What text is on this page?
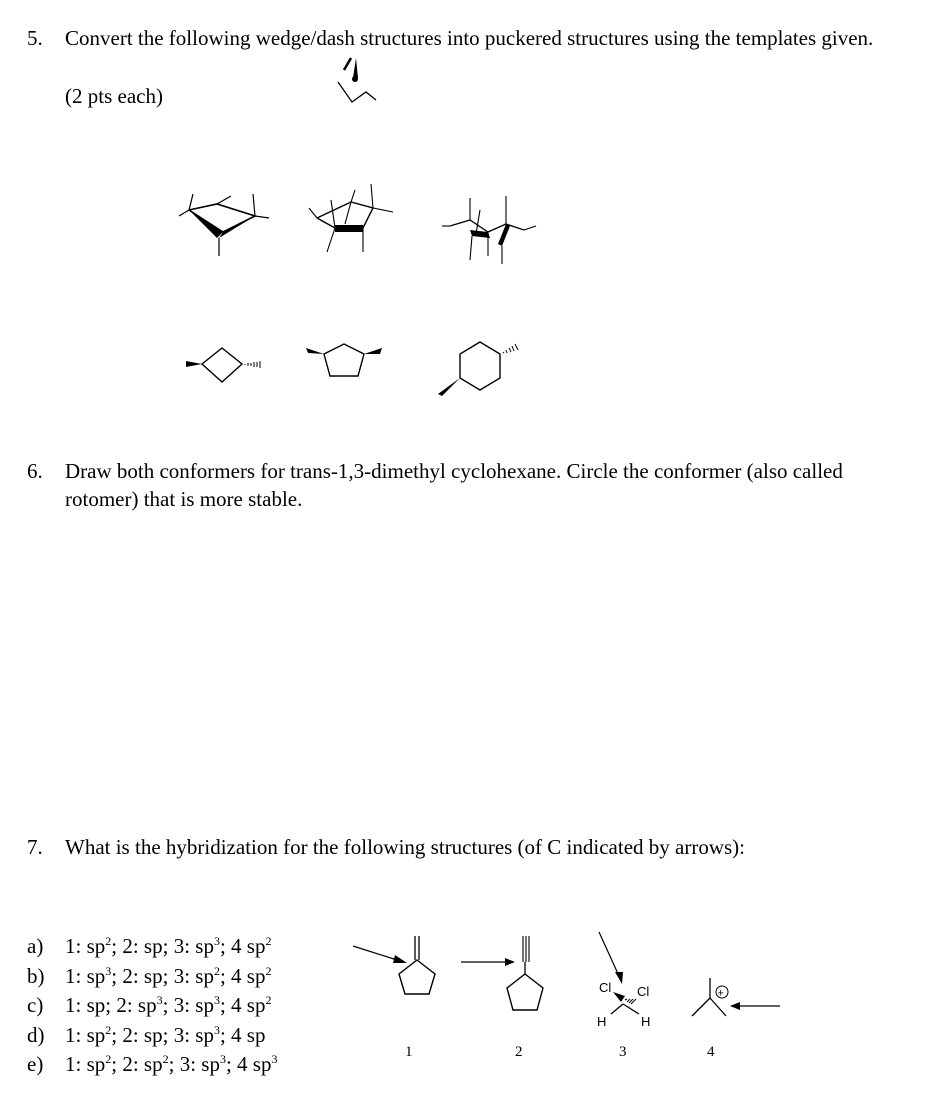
5. Convert the following wedge/dash structures into puckered structures using the templates given.
(2 pts each)
6. Draw both conformers for trans-1,3-dimethyl cyclohexane. Circle the conformer (also called
rotomer) that is more stable.
7. What is the hybridization for the following structures (of C indicated by arrows):
a) 1: $sp^2$; 2: sp; 3: $sp^3$; 4 $sp^2$
b) 1: $sp^3$; 2: sp; 3: $sp^2$; 4 $sp^2$
c) 1: sp; 2: $sp^3$; 3: $sp^3$; 4 $sp^2$
d) 1: $sp^2$; 2: sp; 3: $sp^3$; 4 sp
e) 1: $sp^2$; 2: $sp^2$; 3: $sp^3$; 4 $sp^3$	1	2
Cl Cl
H	H
3
+
4
